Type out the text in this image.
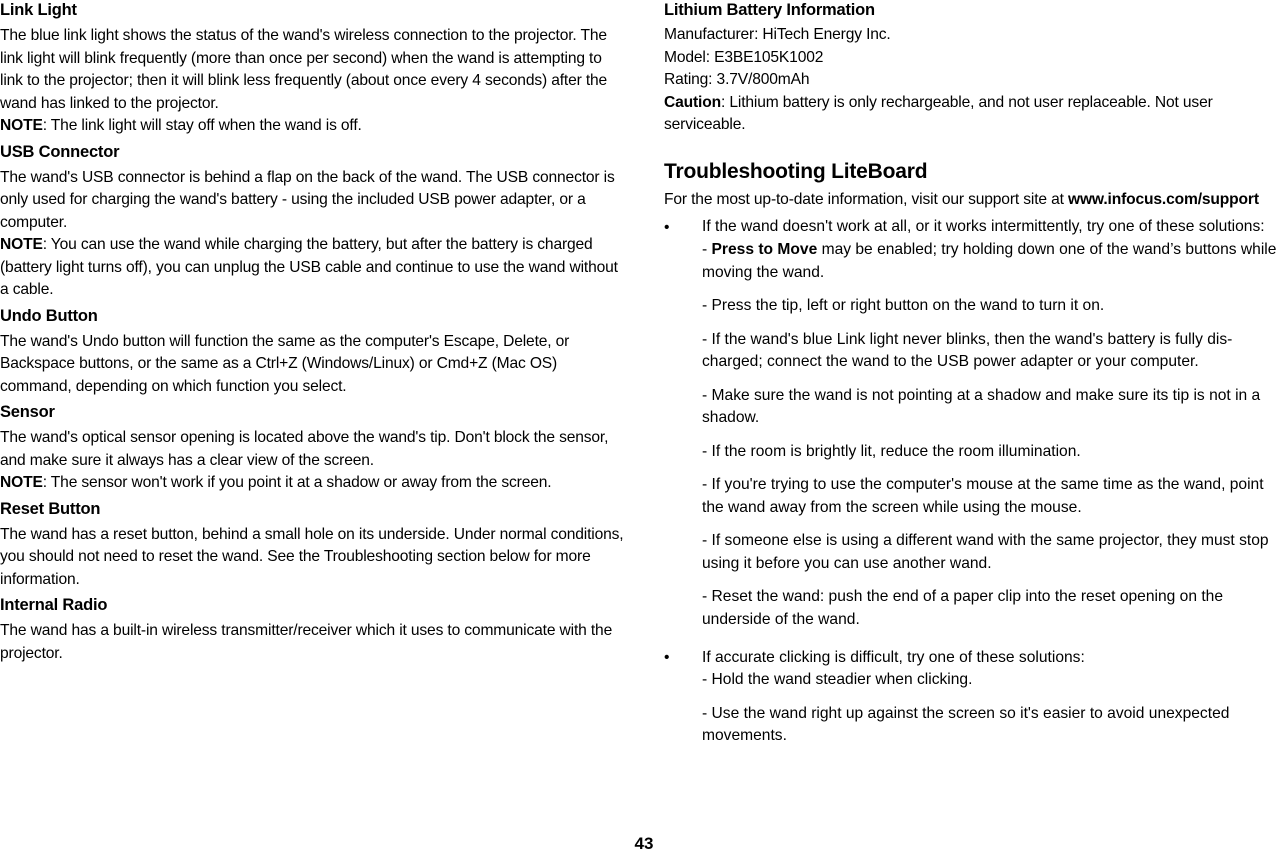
Link Light

The blue link light shows the status of the wand's wireless connection to the projector. The link light will blink frequently (more than once per second) when the wand is attempting to link to the projector; then it will blink less frequently (about once every 4 seconds) after the wand has linked to the projector.
NOTE: The link light will stay off when the wand is off.

USB Connector

The wand's USB connector is behind a flap on the back of the wand. The USB connector is only used for charging the wand's battery - using the included USB power adapter, or a computer.
NOTE: You can use the wand while charging the battery, but after the battery is charged (battery light turns off), you can unplug the USB cable and continue to use the wand without a cable.

Undo Button

The wand's Undo button will function the same as the computer's Escape, Delete, or Backspace buttons, or the same as a Ctrl+Z (Windows/Linux) or Cmd+Z (Mac OS) command, depending on which function you select.

Sensor

The wand's optical sensor opening is located above the wand's tip. Don't block the sensor, and make sure it always has a clear view of the screen.
NOTE: The sensor won't work if you point it at a shadow or away from the screen.

Reset Button

The wand has a reset button, behind a small hole on its underside. Under normal conditions, you should not need to reset the wand. See the Troubleshooting section below for more information.

Internal Radio

The wand has a built-in wireless transmitter/receiver which it uses to communicate with the projector.

Lithium Battery Information

Manufacturer: HiTech Energy Inc.
Model: E3BE105K1002
Rating: 3.7V/800mAh
Caution: Lithium battery is only rechargeable, and not user replaceable. Not user serviceable.

Troubleshooting LiteBoard

For the most up-to-date information, visit our support site at www.infocus.com/support

• If the wand doesn't work at all, or it works intermittently, try one of these solutions:

- Press to Move may be enabled; try holding down one of the wand’s buttons while moving the wand.

- Press the tip, left or right button on the wand to turn it on.

- If the wand's blue Link light never blinks, then the wand's battery is fully dis-charged; connect the wand to the USB power adapter or your computer.

- Make sure the wand is not pointing at a shadow and make sure its tip is not in a shadow.

- If the room is brightly lit, reduce the room illumination.

- If you're trying to use the computer's mouse at the same time as the wand, point the wand away from the screen while using the mouse.

- If someone else is using a different wand with the same projector, they must stop using it before you can use another wand.

- Reset the wand: push the end of a paper clip into the reset opening on the underside of the wand.

• If accurate clicking is difficult, try one of these solutions:

- Hold the wand steadier when clicking.

- Use the wand right up against the screen so it's easier to avoid unexpected movements.

43
